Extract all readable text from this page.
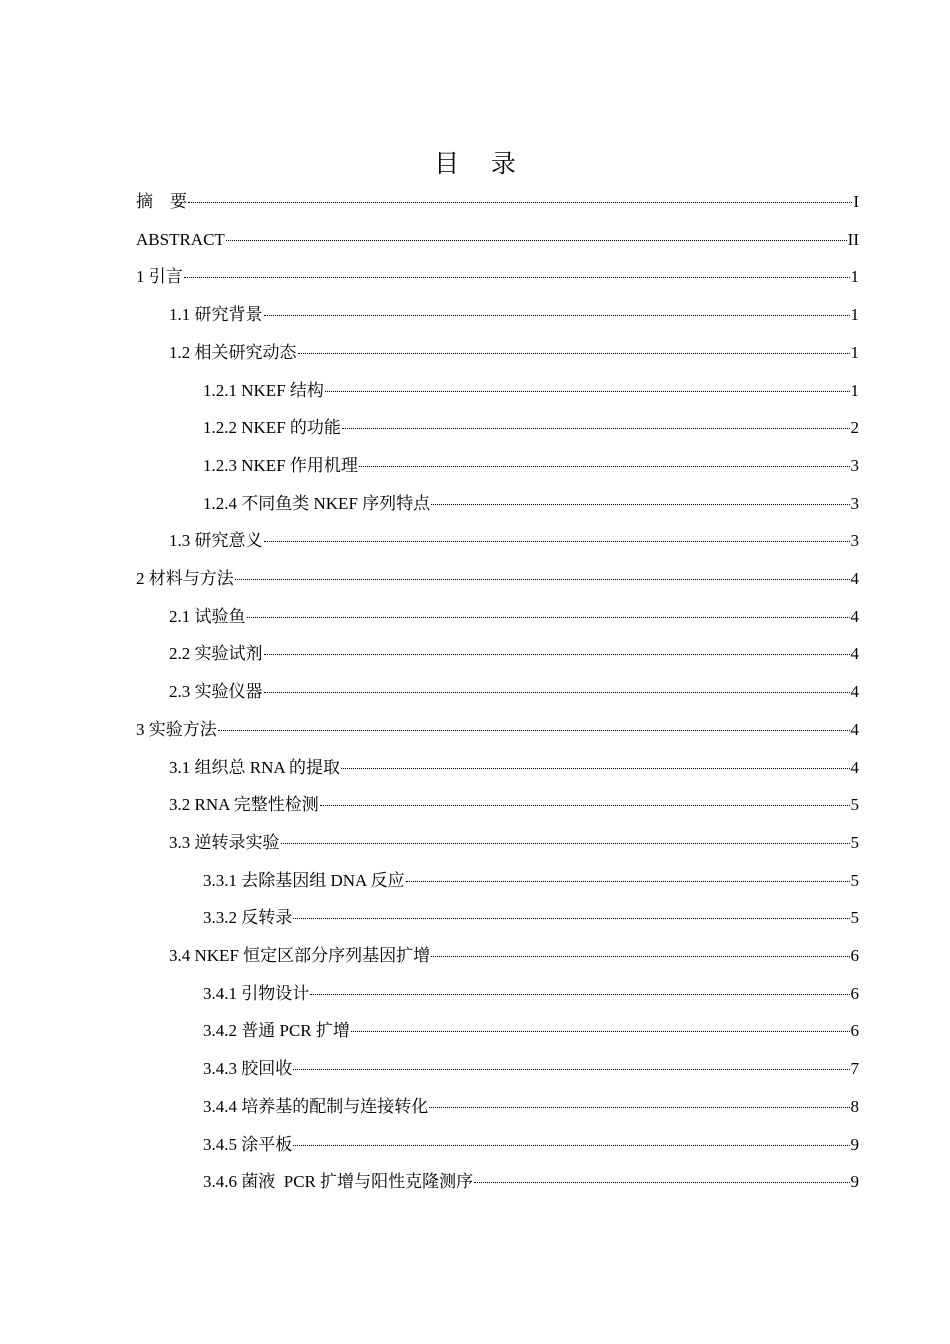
目    录
摘    要	I
ABSTRACT	II
1 引言	1
1.1 研究背景	1
1.2 相关研究动态	1
1.2.1 NKEF 结构	1
1.2.2 NKEF 的功能	2
1.2.3 NKEF 作用机理	3
1.2.4 不同鱼类 NKEF 序列特点	3
1.3 研究意义	3
2 材料与方法	4
2.1 试验鱼	4
2.2 实验试剂	4
2.3 实验仪器	4
3 实验方法	4
3.1 组织总 RNA 的提取	4
3.2 RNA 完整性检测	5
3.3 逆转录实验	5
3.3.1 去除基因组 DNA 反应	5
3.3.2 反转录	5
3.4 NKEF 恒定区部分序列基因扩增	6
3.4.1 引物设计	6
3.4.2 普通 PCR 扩增	6
3.4.3 胶回收	7
3.4.4 培养基的配制与连接转化	8
3.4.5 涂平板	9
3.4.6 菌液  PCR 扩增与阳性克隆测序	9
